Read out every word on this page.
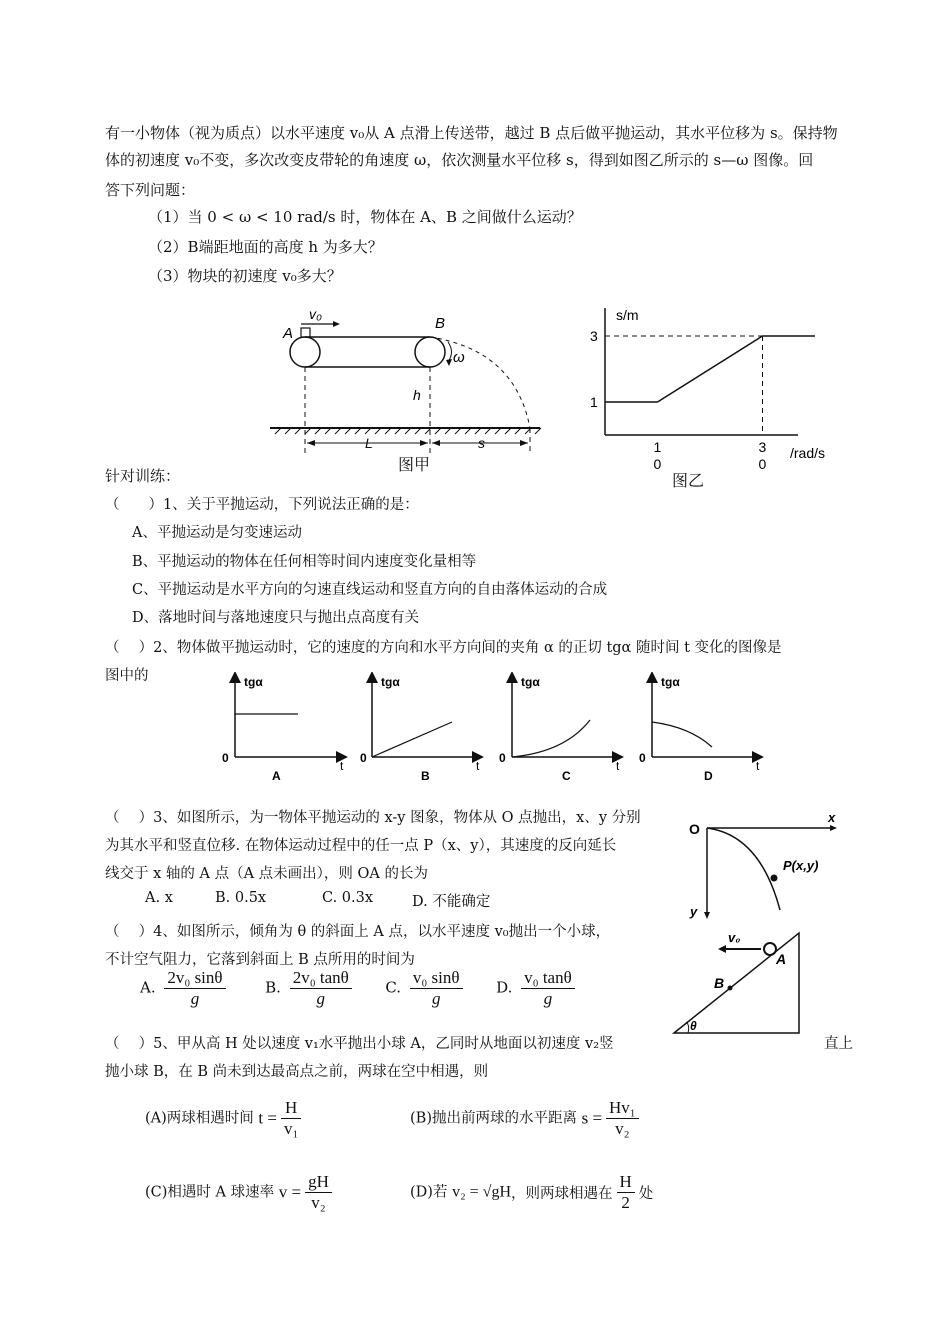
有一小物体（视为质点）以水平速度 v₀从 A 点滑上传送带，越过 B 点后做平抛运动，其水平位移为 s。保持物
体的初速度 v₀不变，多次改变皮带轮的角速度 ω，依次测量水平位移 s，得到如图乙所示的 s—ω 图像。回
答下列问题：
（1）当 0 < ω < 10 rad/s 时，物体在 A、B 之间做什么运动？
（2）B端距地面的高度 h 为多大？
（3）物块的初速度 v₀多大？
A
B
v₀
ω
h
L	s
图甲
s/m
/rad/s
1
3
1
0
3
0
图乙
针对训练：
（　　）1、关于平抛运动，下列说法正确的是：
A、平抛运动是匀变速运动
B、平抛运动的物体在任何相等时间内速度变化量相等
C、平抛运动是水平方向的匀速直线运动和竖直方向的自由落体运动的合成
D、落地时间与落地速度只与抛出点高度有关
（　 ）2、物体做平抛运动时，它的速度的方向和水平方向间的夹角 α 的正切 tgα 随时间 t 变化的图像是
图中的	tgα
t
0
A
tgα
t
0
B
tgα
t
0
C
tgα
t
0
D
（　 ）3、如图所示，为一物体平抛运动的 x-y 图象，物体从 O 点抛出，x、y 分别
为其水平和竖直位移. 在物体运动过程中的任一点 P（x、y），其速度的反向延长
线交于 x 轴的 A 点（A 点未画出），则 OA 的长为
A. x	B. 0.5x	C. 0.3x	D. 不能确定
O
x
y
P(x,y)
（　 ）4、如图所示，倾角为 θ 的斜面上 A 点，以水平速度 v₀抛出一个小球，
不计空气阻力，它落到斜面上 B 点所用的时间为
A. $\frac{\text{2v₀ sinθ}}{g}$	B. $\frac{\text{2v₀ tanθ}}{g} C$. $\frac{\text{v₀ sinθ}}{g} D$. $\frac{\text{v₀ tanθ}}{g}$
v₀
A
B
θ
（　 ）5、甲从高 H 处以速度 v₁水平抛出小球 A，乙同时从地面以初速度 v₂竖	直上
抛小球 B，在 B 尚未到达最高点之前，两球在空中相遇，则
(A)两球相遇时间 $t = \frac{H}{\text{v₁}}$	(B)抛出前两球的水平距离 $s = \frac{\text{Hv₁}}{\text{v₂}}$
(C)相遇时 A 球速率 $v = \frac{gH}{\text{v₂}}$	(D)若 v₂ = √gH，则两球相遇在 $\frac{H}{2}$ 处
